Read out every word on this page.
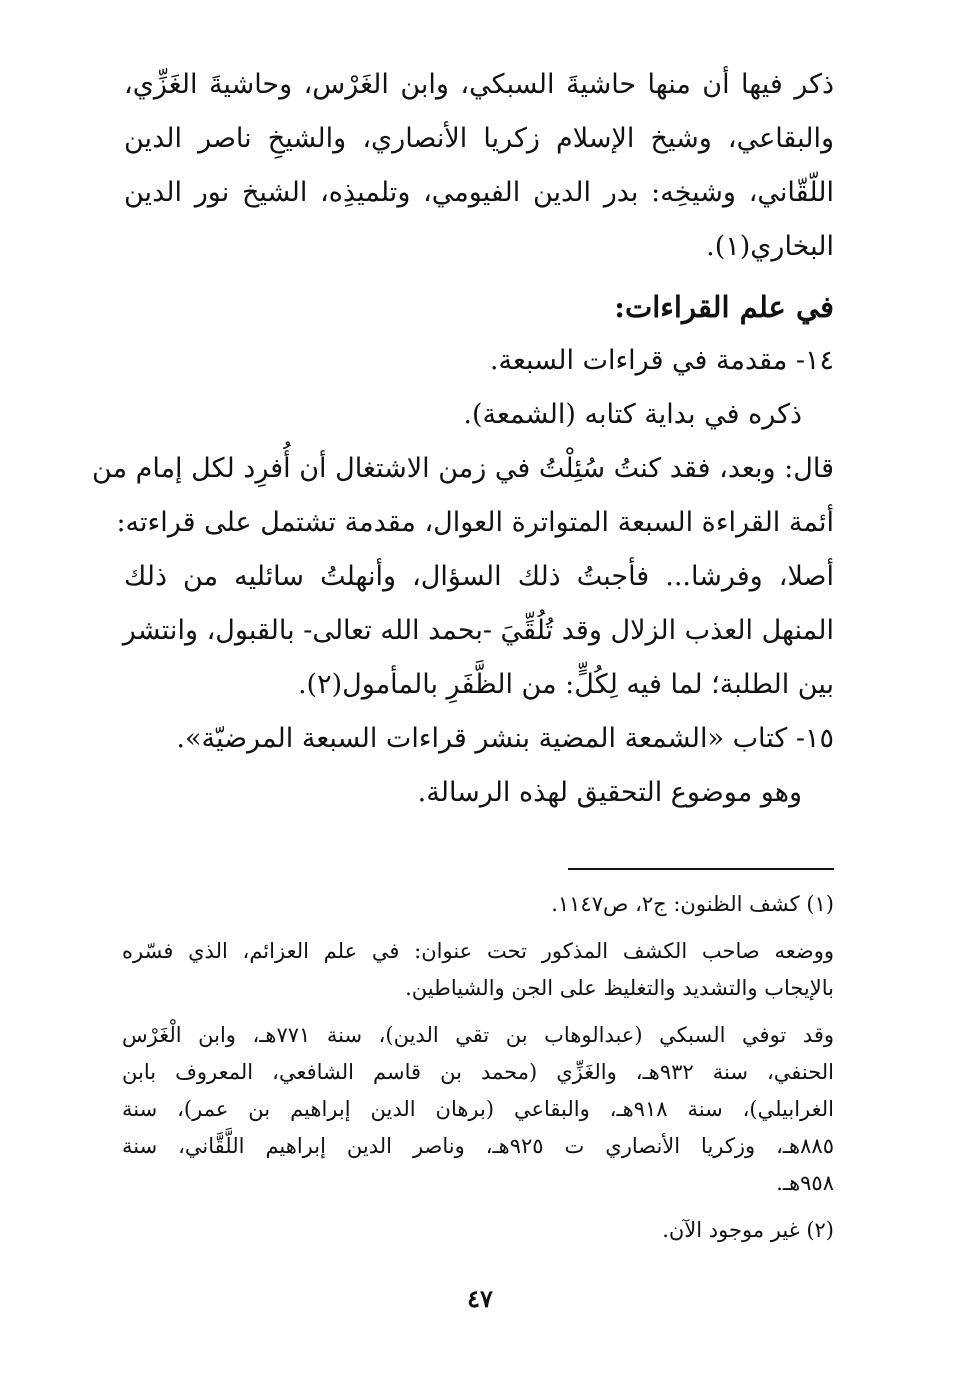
ذكر فيها أن منها حاشيةَ السبكي، وابن الغَرْس، وحاشيةَ الغَزِّي،
والبقاعي، وشيخ الإسلام زكريا الأنصاري، والشيخِ ناصر الدين
اللّقّاني، وشيخِه: بدر الدين الفيومي، وتلميذِه، الشيخ نور الدين
البخاري(١).
في علم القراءات:
١٤- مقدمة في قراءات السبعة.
ذكره في بداية كتابه (الشمعة).
قال: وبعد، فقد كنتُ سُئِلْتُ في زمن الاشتغال أن أُفرِد لكل إمام من
أئمة القراءة السبعة المتواترة العوال، مقدمة تشتمل على قراءته:
أصلا، وفرشا... فأجبتُ ذلك السؤال، وأنهلتُ سائليه من ذلك
المنهل العذب الزلال وقد تُلُقِّيَ -بحمد الله تعالى- بالقبول، وانتشر
بين الطلبة؛ لما فيه لِكُلٍّ: من الظَّفَرِ بالمأمول(٢).
١٥- كتاب «الشمعة المضية بنشر قراءات السبعة المرضيّة».
وهو موضوع التحقيق لهذه الرسالة.
(١) كشف الظنون: ج٢، ص١١٤٧.
ووضعه صاحب الكشف المذكور تحت عنوان: في علم العزائم، الذي فسّره
بالإيجاب والتشديد والتغليظ على الجن والشياطين.
وقد توفي السبكي (عبدالوهاب بن تقي الدين)، سنة ٧٧١هـ، وابن الْغَرْس
الحنفي، سنة ٩٣٢هـ، والغَزِّي (محمد بن قاسم الشافعي، المعروف بابن
الغرابيلي)، سنة ٩١٨هـ، والبقاعي (برهان الدين إبراهيم بن عمر)، سنة
٨٨٥هـ، وزكريا الأنصاري ت ٩٢٥هـ، وناصر الدين إبراهيم اللَّقَّاني، سنة
٩٥٨هـ.
(٢) غير موجود الآن.
٤٧
